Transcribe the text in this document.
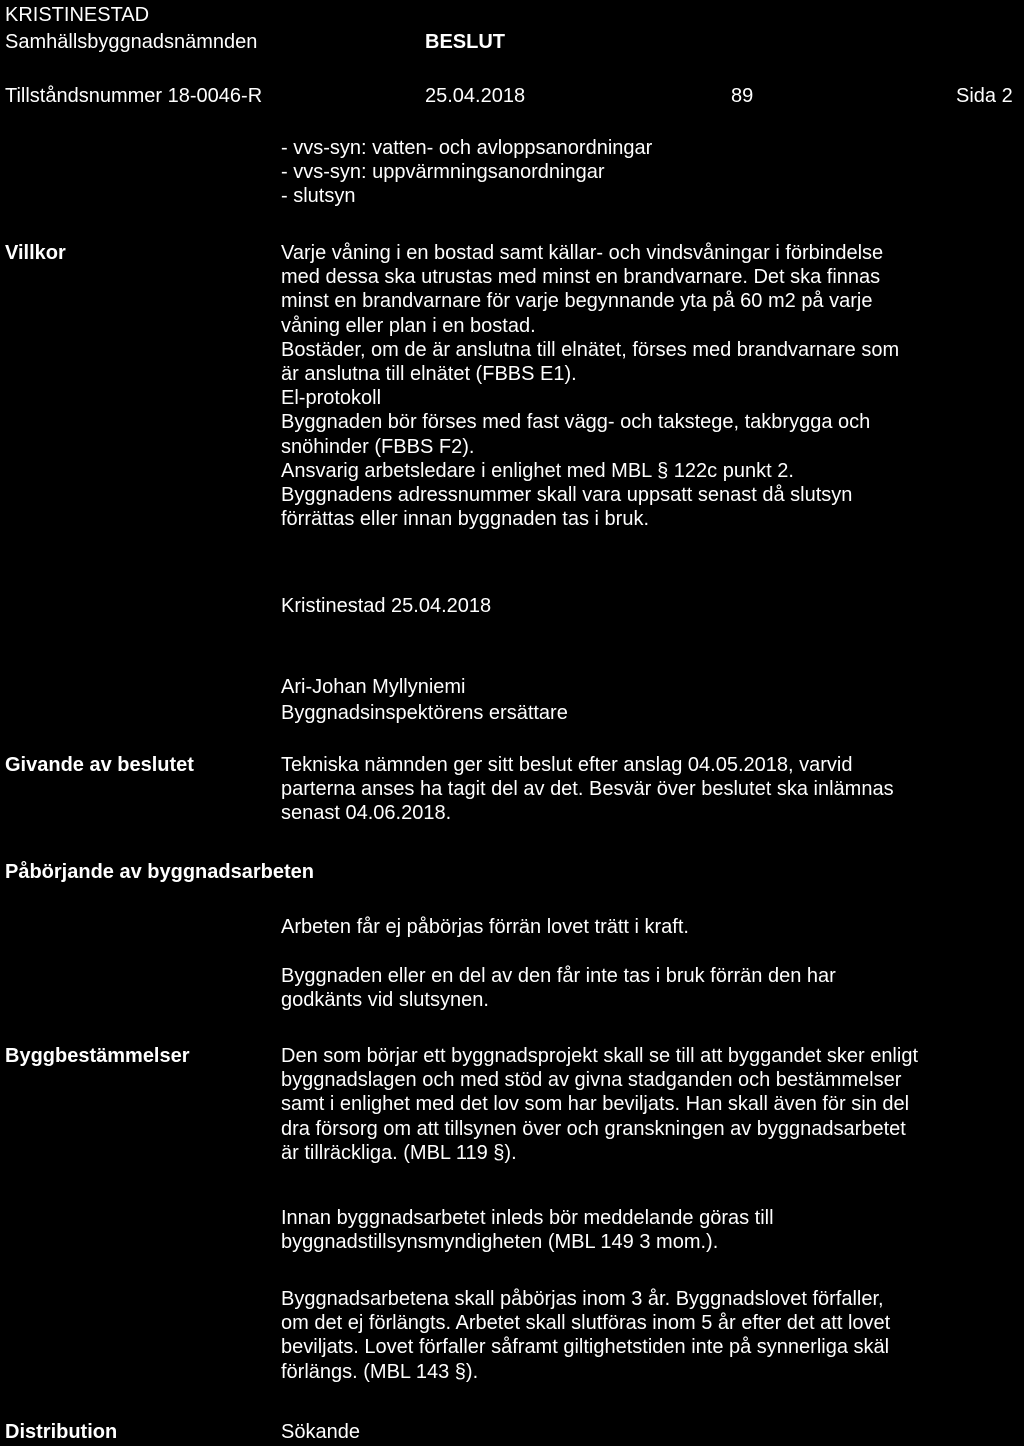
KRISTINESTAD
Samhällsbyggnadsnämnden	BESLUT
Tillståndsnummer 18-0046-R	25.04.2018	89	Sida 2
- vvs-syn: vatten- och avloppsanordningar
- vvs-syn: uppvärmningsanordningar
- slutsyn
Villkor	Varje våning i en bostad samt källar- och vindsvåningar i förbindelse
med dessa ska utrustas med minst en brandvarnare. Det ska finnas
minst en brandvarnare för varje begynnande yta på 60 m2 på varje
våning eller plan i en bostad.
Bostäder, om de är anslutna till elnätet, förses med brandvarnare som
är anslutna till elnätet (FBBS E1).
El-protokoll
Byggnaden bör förses med fast vägg- och takstege, takbrygga och
snöhinder (FBBS F2).
Ansvarig arbetsledare i enlighet med MBL § 122c punkt 2.
Byggnadens adressnummer skall vara uppsatt senast då slutsyn
förrättas eller innan byggnaden tas i bruk.
Kristinestad 25.04.2018
Ari-Johan Myllyniemi
Byggnadsinspektörens ersättare
Givande av beslutet	Tekniska nämnden ger sitt beslut efter anslag 04.05.2018, varvid
parterna anses ha tagit del av det. Besvär över beslutet ska inlämnas
senast 04.06.2018.
Påbörjande av byggnadsarbeten
Arbeten får ej påbörjas förrän lovet trätt i kraft.
Byggnaden eller en del av den får inte tas i bruk förrän den har
godkänts vid slutsynen.
Byggbestämmelser	Den som börjar ett byggnadsprojekt skall se till att byggandet sker enligt
byggnadslagen och med stöd av givna stadganden och bestämmelser
samt i enlighet med det lov som har beviljats. Han skall även för sin del
dra försorg om att tillsynen över och granskningen av byggnadsarbetet
är tillräckliga. (MBL 119 §).
Innan byggnadsarbetet inleds bör meddelande göras till
byggnadstillsynsmyndigheten (MBL 149 3 mom.).
Byggnadsarbetena skall påbörjas inom 3 år. Byggnadslovet förfaller,
om det ej förlängts. Arbetet skall slutföras inom 5 år efter det att lovet
beviljats. Lovet förfaller såframt giltighetstiden inte på synnerliga skäl
förlängs. (MBL 143 §).
Distribution	Sökande
